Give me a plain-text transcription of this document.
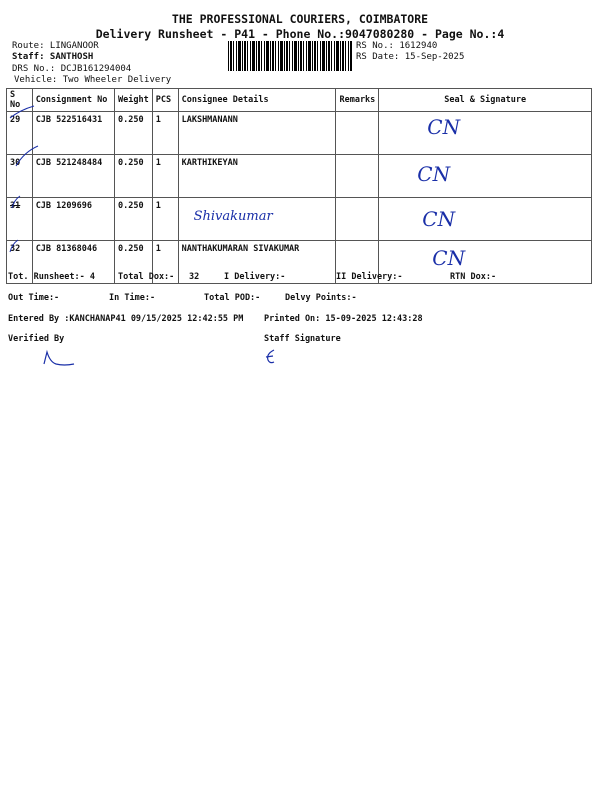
THE PROFESSIONAL COURIERS, COIMBATORE
Delivery Runsheet - P41 - Phone No.:9047080280 - Page No.:4
Route: LINGANOOR
Staff: SANTHOSH
DRS No.: DCJB161294004
Vehicle: Two Wheeler Delivery
RS No.: 1612940
RS Date: 15-Sep-2025
S No	Consignment No	Weight	PCS	Consignee Details	Remarks	Seal & Signature
29	CJB 522516431	0.250	1	LAKSHMANANN		CN
30	CJB 521248484	0.250	1	KARTHIKEYAN		CN
31	CJB 1209696	0.250	1	Shivakumar		CN
32	CJB 81368046	0.250	1	NANTHAKUMARAN SIVAKUMAR		CN
Tot. Runsheet:- 4	Total Dox:- 32	I Delivery:-	II Delivery:-	RTN Dox:-
Out Time:-	In Time:-	Total POD:-	Delvy Points:-
Entered By :KANCHANAP41 09/15/2025 12:42:55 PM Printed On: 15-09-2025 12:43:28
Verified By	Staff Signature
